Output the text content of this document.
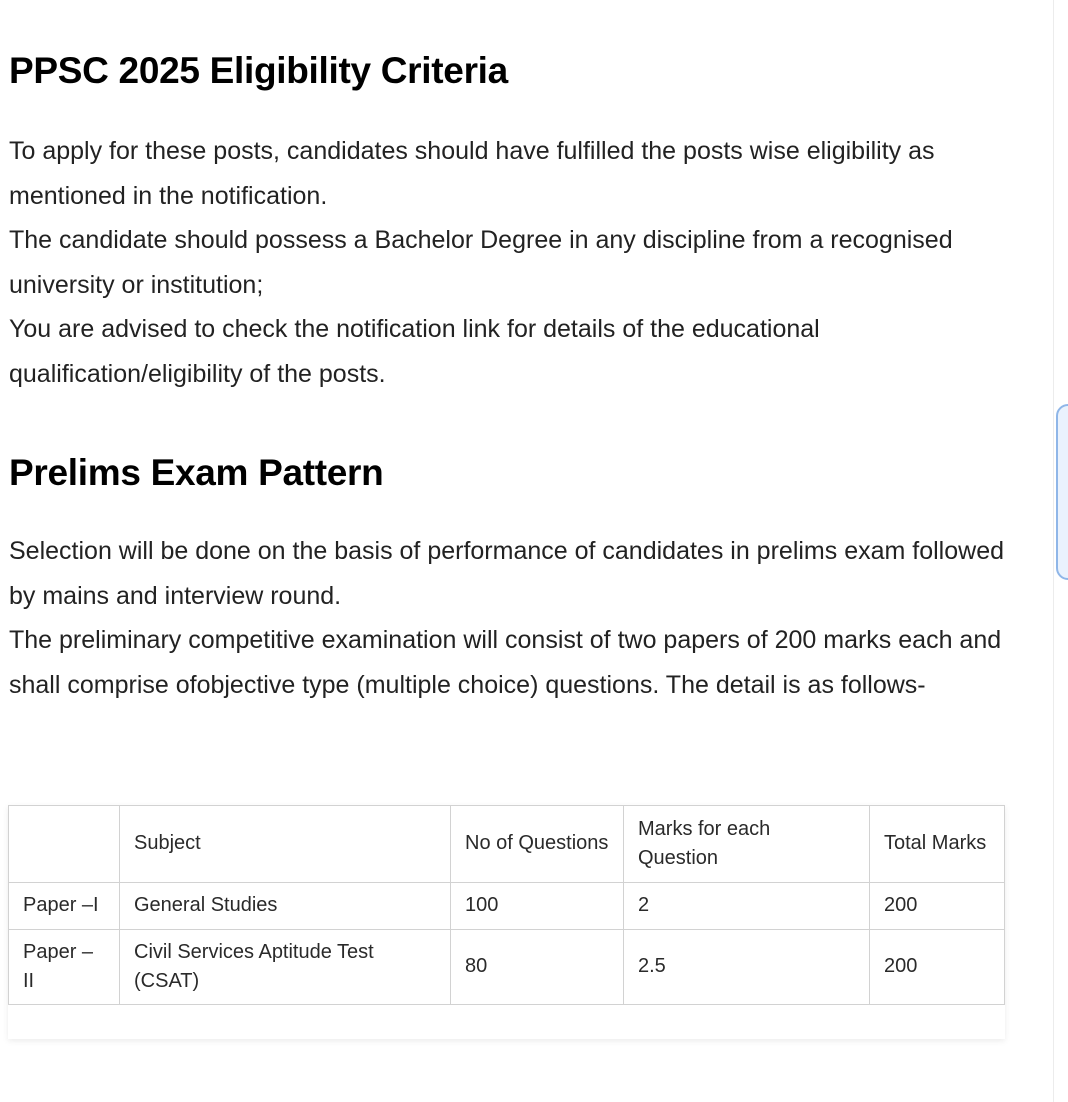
PPSC 2025 Eligibility Criteria

To apply for these posts, candidates should have fulfilled the posts wise eligibility as mentioned in the notification.

The candidate should possess a Bachelor Degree in any discipline from a recognised university or institution;

You are advised to check the notification link for details of the educational qualification/eligibility of the posts.

Prelims Exam Pattern

Selection will be done on the basis of performance of candidates in prelims exam followed by mains and interview round.

The preliminary competitive examination will consist of two papers of 200 marks each and shall comprise ofobjective type (multiple choice) questions. The detail is as follows-

	Subject	No of Questions	Marks for each Question	Total Marks
Paper –I	General Studies	100	2	200
Paper – II	Civil Services Aptitude Test (CSAT)	80	2.5	200
